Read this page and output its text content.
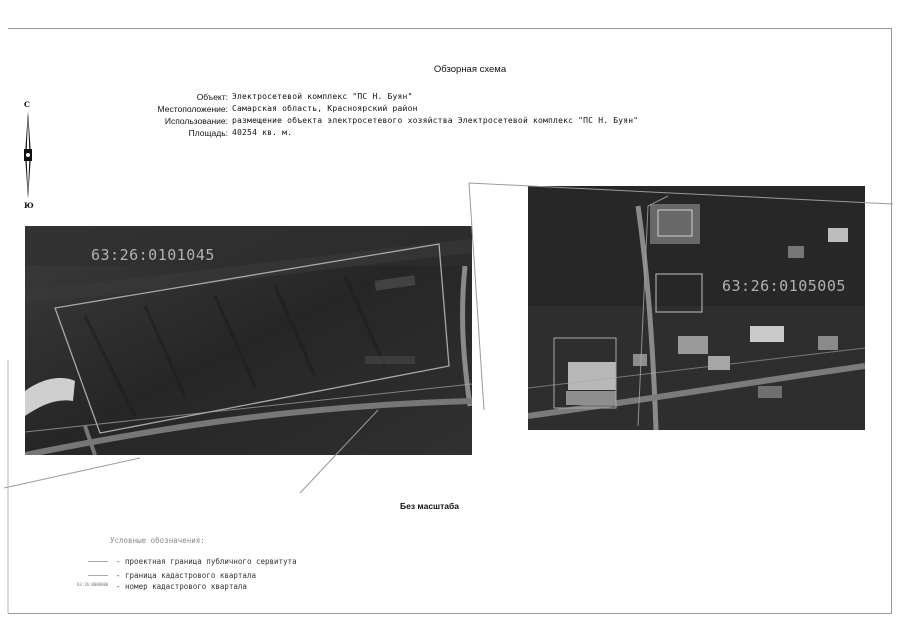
Обзорная схема
Объект: Электросетевой комплекс "ПС Н. Буян"
Местоположение: Самарская область, Красноярский район
Использование: размещение объекта электросетевого хозяйства Электросетевой комплекс "ПС Н. Буян"
Площадь: 40254 кв. м.
С
Ю
63:26:0101045
63:26:0105005
Без масштаба
Условные обозначения:
- проектная граница публичного сервитута
- граница кадастрового квартала
63:26:0000000 - номер кадастрового квартала
